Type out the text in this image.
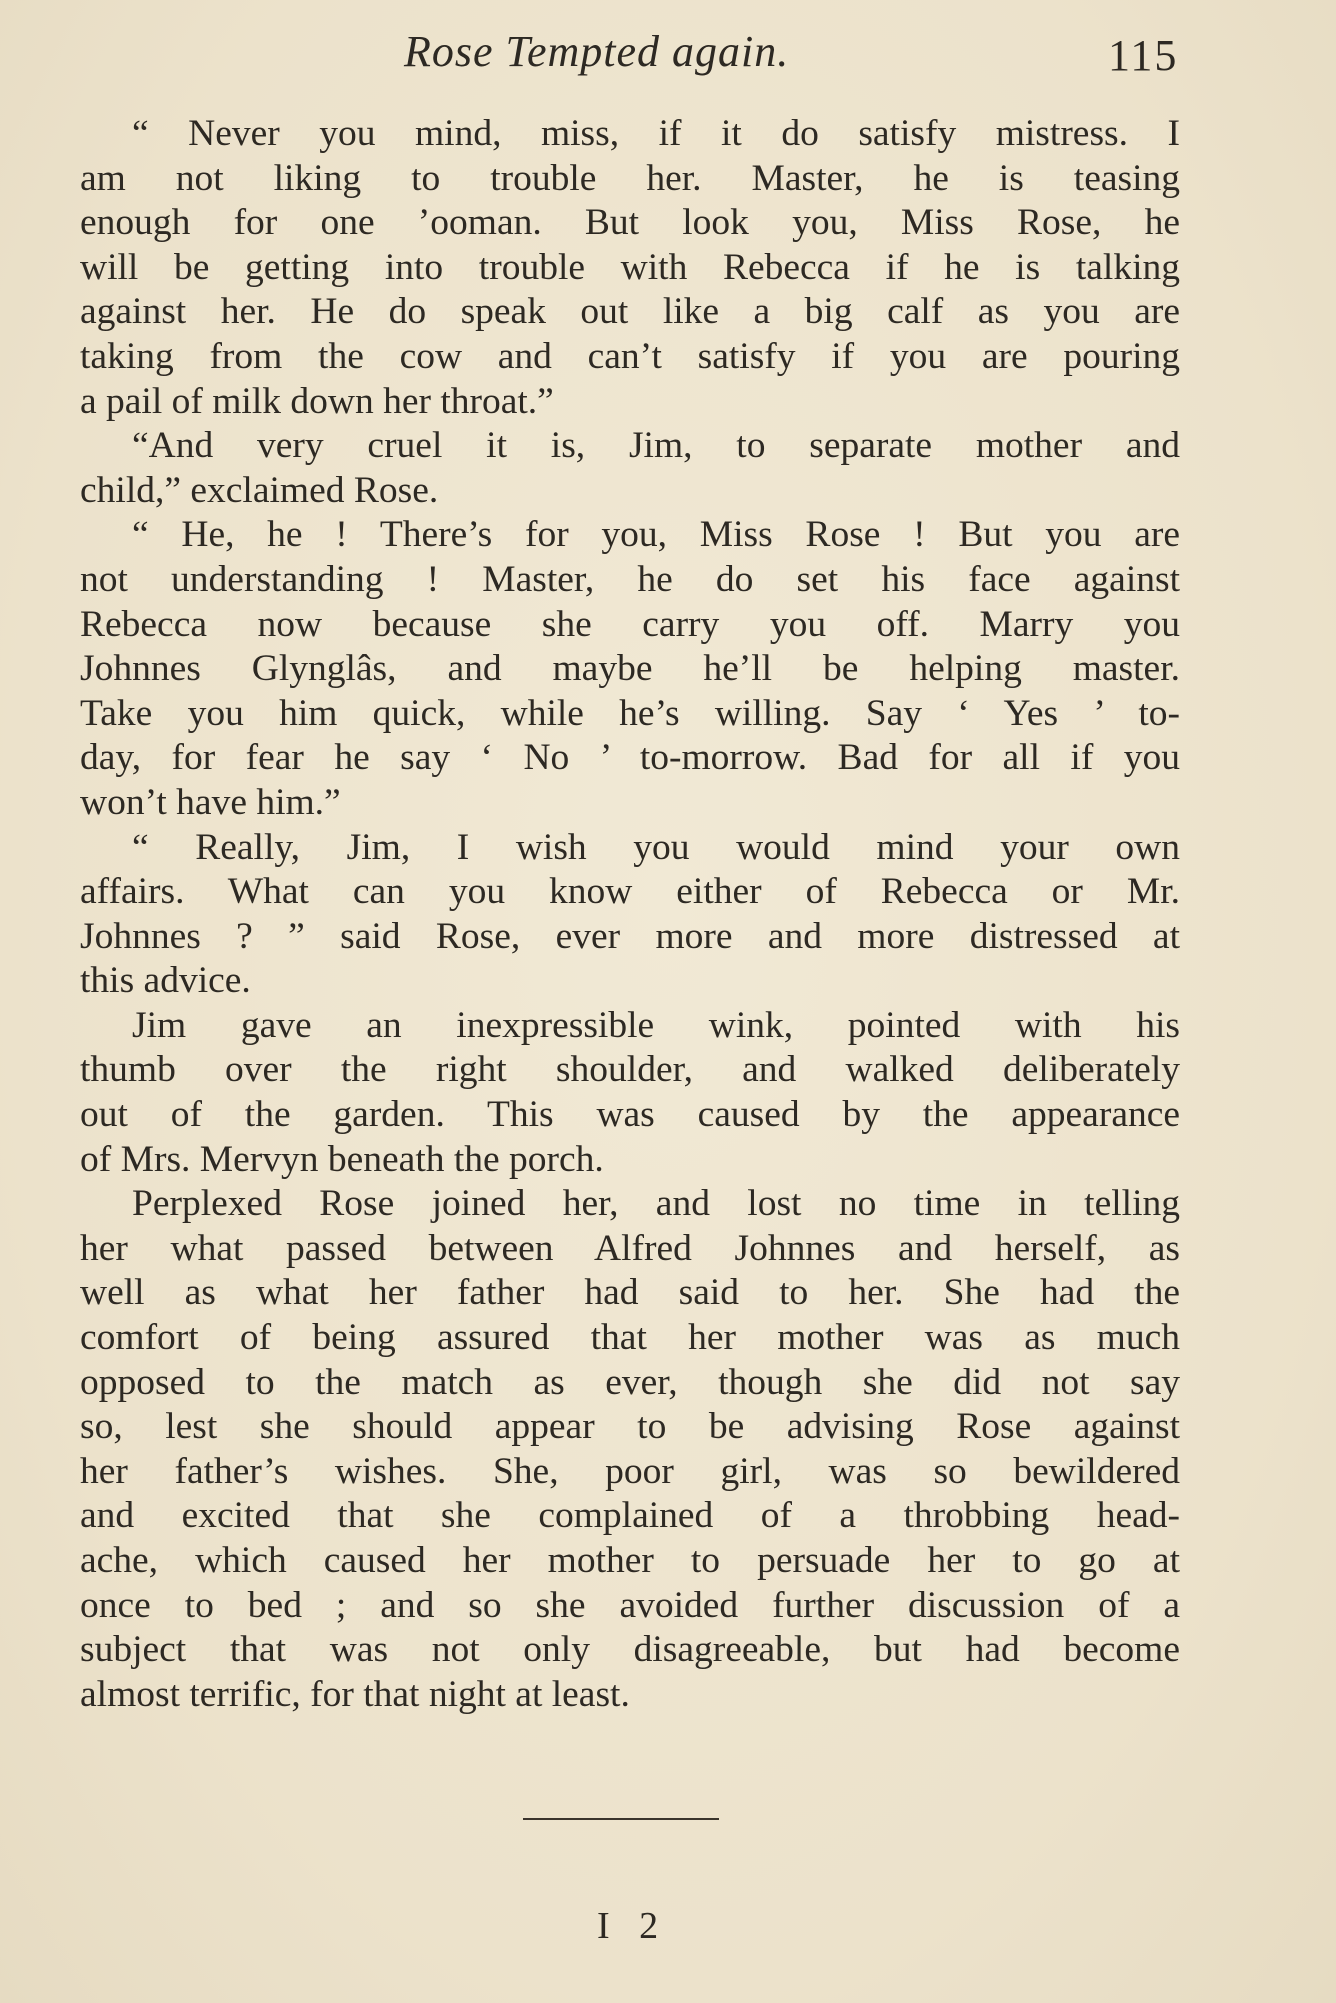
Rose Tempted again.	115
“ Never you mind, miss, if it do satisfy mistress. I
am not liking to trouble her. Master, he is teasing
enough for one ’ooman. But look you, Miss Rose, he
will be getting into trouble with Rebecca if he is talking
against her. He do speak out like a big calf as you are
taking from the cow and can’t satisfy if you are pouring
a pail of milk down her throat.”
“And very cruel it is, Jim, to separate mother and
child,” exclaimed Rose.
“ He, he ! There’s for you, Miss Rose ! But you are
not understanding ! Master, he do set his face against
Rebecca now because she carry you off. Marry you
Johnnes Glynglâs, and maybe he’ll be helping master.
Take you him quick, while he’s willing. Say ‘ Yes ’ to-
day, for fear he say ‘ No ’ to-morrow. Bad for all if you
won’t have him.”
“ Really, Jim, I wish you would mind your own
affairs. What can you know either of Rebecca or Mr.
Johnnes ? ” said Rose, ever more and more distressed at
this advice.
Jim gave an inexpressible wink, pointed with his
thumb over the right shoulder, and walked deliberately
out of the garden. This was caused by the appearance
of Mrs. Mervyn beneath the porch.
Perplexed Rose joined her, and lost no time in telling
her what passed between Alfred Johnnes and herself, as
well as what her father had said to her. She had the
comfort of being assured that her mother was as much
opposed to the match as ever, though she did not say
so, lest she should appear to be advising Rose against
her father’s wishes. She, poor girl, was so bewildered
and excited that she complained of a throbbing head-
ache, which caused her mother to persuade her to go at
once to bed ; and so she avoided further discussion of a
subject that was not only disagreeable, but had become
almost terrific, for that night at least.
I 2
